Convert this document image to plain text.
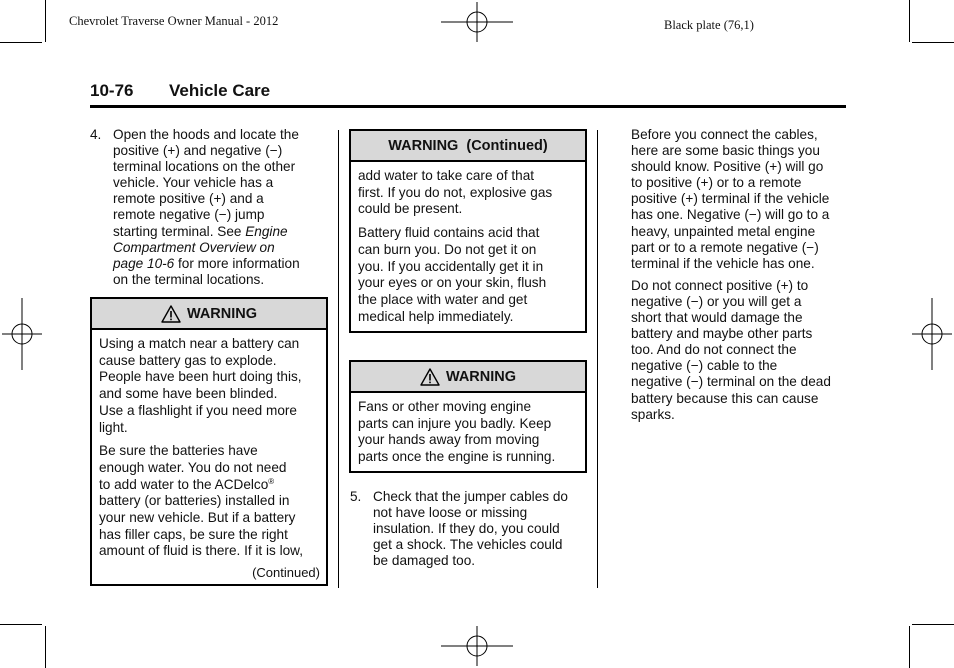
Chevrolet Traverse Owner Manual - 2012	Black plate (76,1)
10-76 Vehicle Care
4. Open the hoods and locate the
positive (+) and negative (−)
terminal locations on the other
vehicle. Your vehicle has a
remote positive (+) and a
remote negative (−) jump
starting terminal. See Engine
Compartment Overview on
page 10-6 for more information
on the terminal locations.
WARNING

Using a match near a battery can
cause battery gas to explode.
People have been hurt doing this,
and some have been blinded.
Use a flashlight if you need more
light.

Be sure the batteries have
enough water. You do not need
to add water to the ACDelco®
battery (or batteries) installed in
your new vehicle. But if a battery
has filler caps, be sure the right
amount of fluid is there. If it is low,

(Continued)
WARNING  (Continued)

add water to take care of that
first. If you do not, explosive gas
could be present.

Battery fluid contains acid that
can burn you. Do not get it on
you. If you accidentally get it in
your eyes or on your skin, flush
the place with water and get
medical help immediately.

WARNING

Fans or other moving engine
parts can injure you badly. Keep
your hands away from moving
parts once the engine is running.

5. Check that the jumper cables do
not have loose or missing
insulation. If they do, you could
get a shock. The vehicles could
be damaged too.

Before you connect the cables,
here are some basic things you
should know. Positive (+) will go
to positive (+) or to a remote
positive (+) terminal if the vehicle
has one. Negative (−) will go to a
heavy, unpainted metal engine
part or to a remote negative (−)
terminal if the vehicle has one.

Do not connect positive (+) to
negative (−) or you will get a
short that would damage the
battery and maybe other parts
too. And do not connect the
negative (−) cable to the
negative (−) terminal on the dead
battery because this can cause
sparks.
